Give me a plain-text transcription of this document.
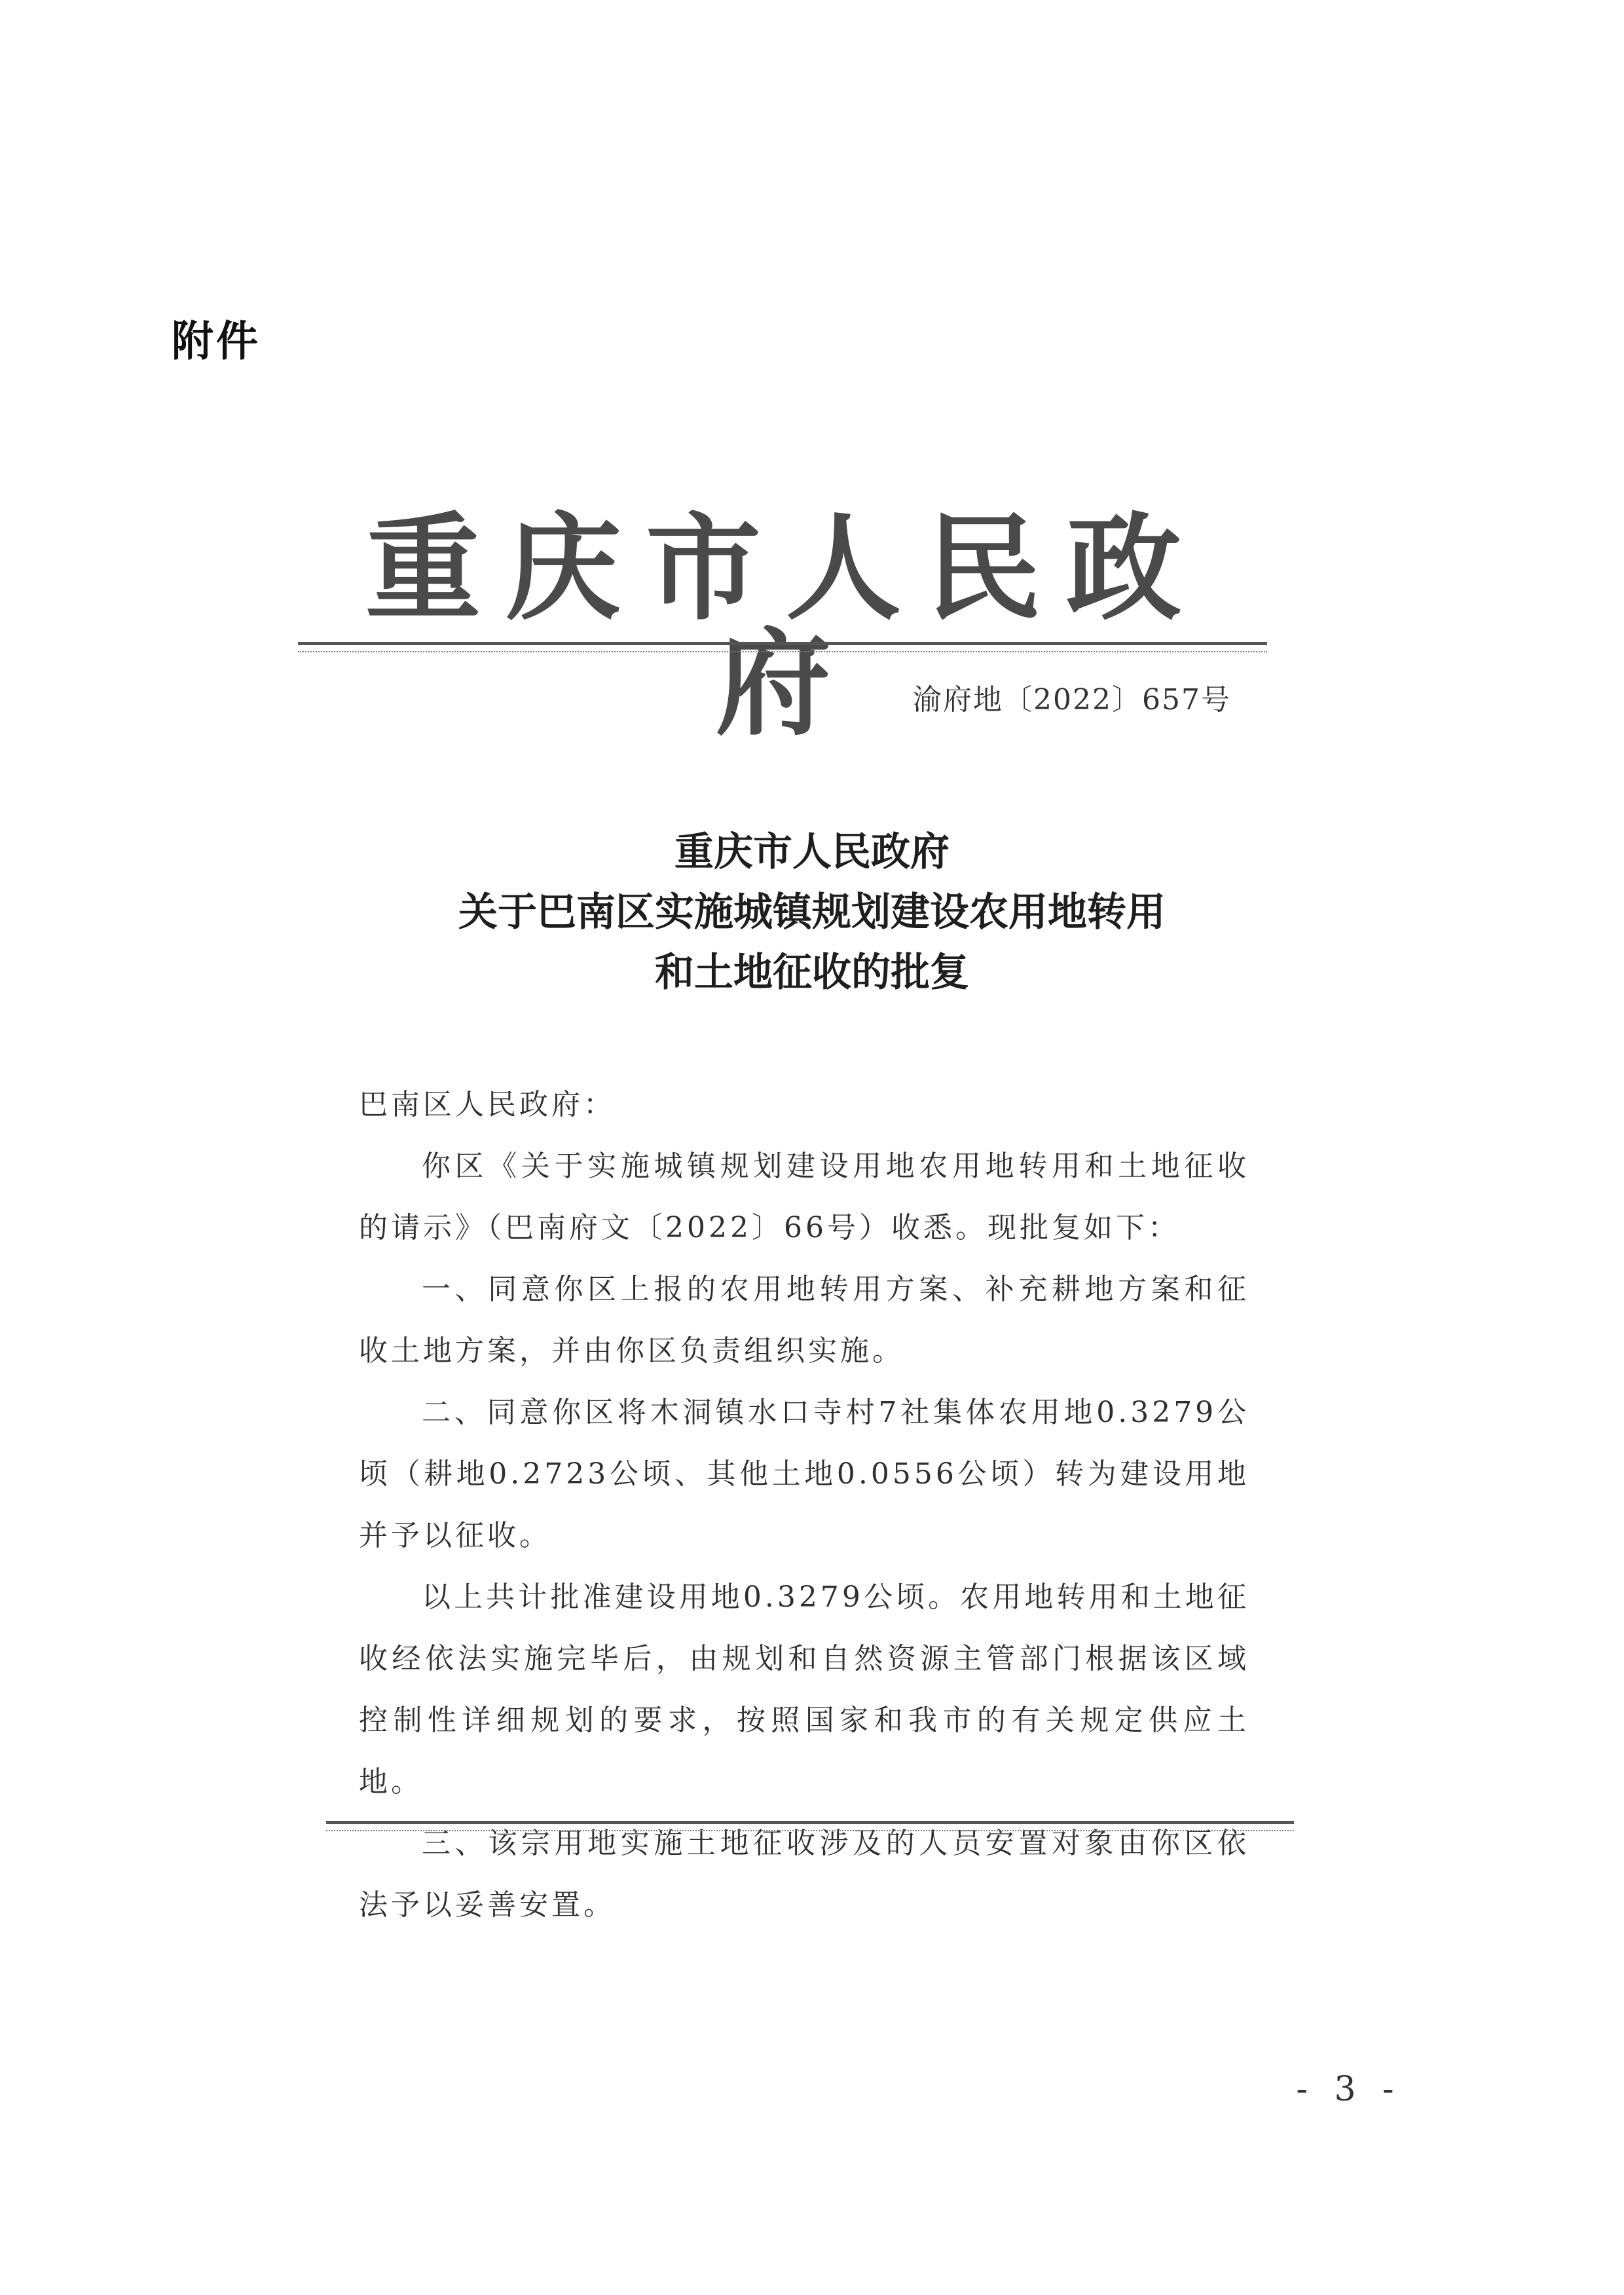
附件
重庆市人民政府	渝府地〔2022〕657号
重庆市人民政府
关于巴南区实施城镇规划建设农用地转用
和土地征收的批复

巴南区人民政府：

你区《关于实施城镇规划建设用地农用地转用和土地征收的请示》（巴南府文〔2022〕66号）收悉。现批复如下：

一、同意你区上报的农用地转用方案、补充耕地方案和征收土地方案，并由你区负责组织实施。

二、同意你区将木洞镇水口寺村7社集体农用地0.3279公顷（耕地0.2723公顷、其他土地0.0556公顷）转为建设用地并予以征收。

以上共计批准建设用地0.3279公顷。农用地转用和土地征收经依法实施完毕后，由规划和自然资源主管部门根据该区域控制性详细规划的要求，按照国家和我市的有关规定供应土地。

三、该宗用地实施土地征收涉及的人员安置对象由你区依法予以妥善安置。

- 3 -
